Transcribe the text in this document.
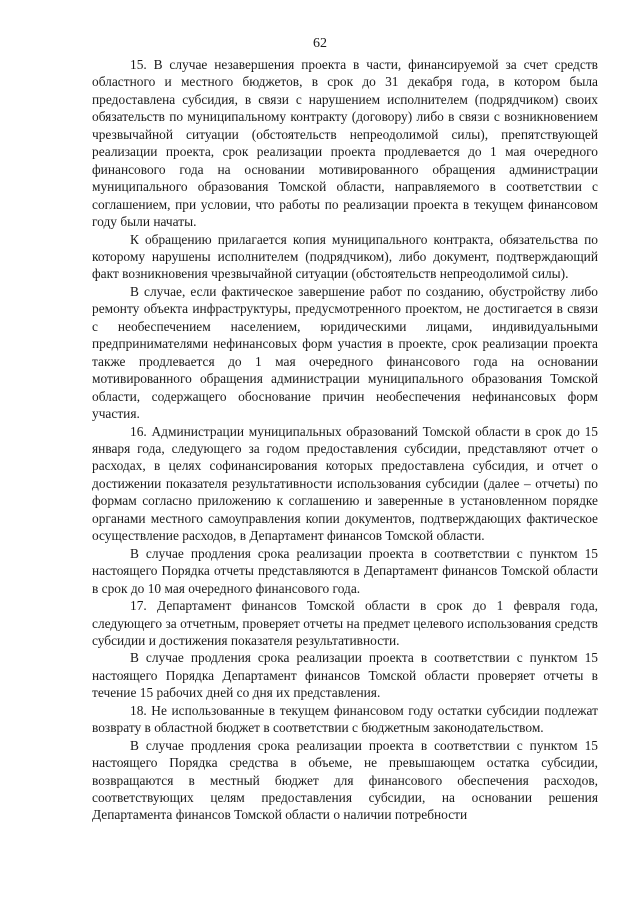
62

15. В случае незавершения проекта в части, финансируемой за счет средств областного и местного бюджетов, в срок до 31 декабря года, в котором была предоставлена субсидия, в связи с нарушением исполнителем (подрядчиком) своих обязательств по муниципальному контракту (договору) либо в связи с возникновением чрезвычайной ситуации (обстоятельств непреодолимой силы), препятствующей реализации проекта, срок реализации проекта продлевается до 1 мая очередного финансового года на основании мотивированного обращения администрации муниципального образования Томской области, направляемого в соответствии с соглашением, при условии, что работы по реализации проекта в текущем финансовом году были начаты.

К обращению прилагается копия муниципального контракта, обязательства по которому нарушены исполнителем (подрядчиком), либо документ, подтверждающий факт возникновения чрезвычайной ситуации (обстоятельств непреодолимой силы).

В случае, если фактическое завершение работ по созданию, обустройству либо ремонту объекта инфраструктуры, предусмотренного проектом, не достигается в связи с необеспечением населением, юридическими лицами, индивидуальными предпринимателями нефинансовых форм участия в проекте, срок реализации проекта также продлевается до 1 мая очередного финансового года на основании мотивированного обращения администрации муниципального образования Томской области, содержащего обоснование причин необеспечения нефинансовых форм участия.

16. Администрации муниципальных образований Томской области в срок до 15 января года, следующего за годом предоставления субсидии, представляют отчет о расходах, в целях софинансирования которых предоставлена субсидия, и отчет о достижении показателя результативности использования субсидии (далее – отчеты) по формам согласно приложению к соглашению и заверенные в установленном порядке органами местного самоуправления копии документов, подтверждающих фактическое осуществление расходов, в Департамент финансов Томской области.

В случае продления срока реализации проекта в соответствии с пунктом 15 настоящего Порядка отчеты представляются в Департамент финансов Томской области в срок до 10 мая очередного финансового года.

17. Департамент финансов Томской области в срок до 1 февраля года, следующего за отчетным, проверяет отчеты на предмет целевого использования средств субсидии и достижения показателя результативности.

В случае продления срока реализации проекта в соответствии с пунктом 15 настоящего Порядка Департамент финансов Томской области проверяет отчеты в течение 15 рабочих дней со дня их представления.

18. Не использованные в текущем финансовом году остатки субсидии подлежат возврату в областной бюджет в соответствии с бюджетным законодательством.

В случае продления срока реализации проекта в соответствии с пунктом 15 настоящего Порядка средства в объеме, не превышающем остатка субсидии, возвращаются в местный бюджет для финансового обеспечения расходов, соответствующих целям предоставления субсидии, на основании решения Департамента финансов Томской области о наличии потребности
